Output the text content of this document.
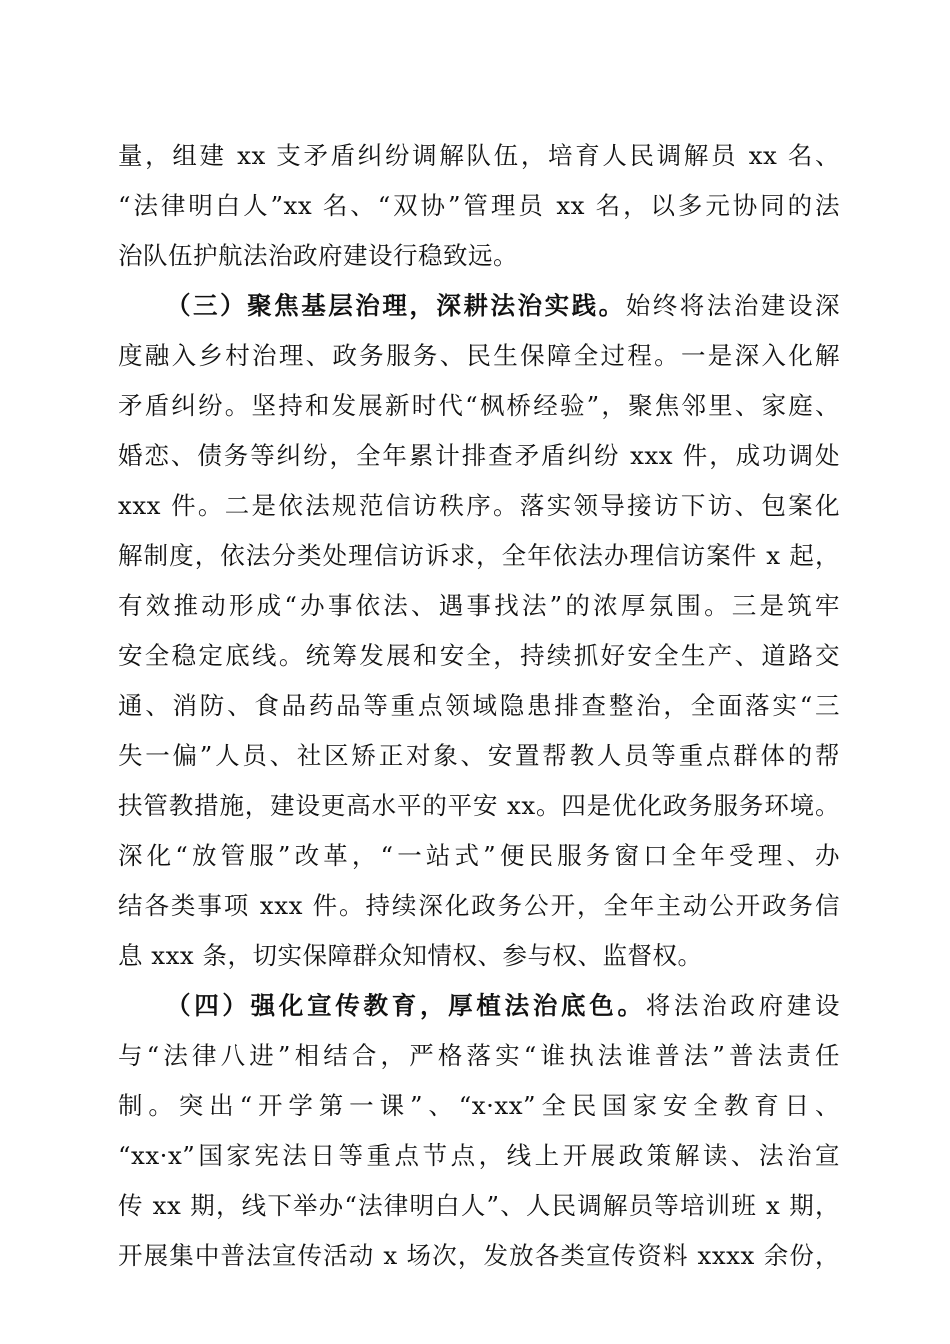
量，组建 xx 支矛盾纠纷调解队伍，培育人民调解员 xx 名、
“法律明白人”xx 名、“双协”管理员 xx 名，以多元协同的法
治队伍护航法治政府建设行稳致远。
（三）聚焦基层治理，深耕法治实践。始终将法治建设深
度融入乡村治理、政务服务、民生保障全过程。一是深入化解
矛盾纠纷。坚持和发展新时代“枫桥经验”，聚焦邻里、家庭、
婚恋、债务等纠纷，全年累计排查矛盾纠纷 xxx 件，成功调处
xxx 件。二是依法规范信访秩序。落实领导接访下访、包案化
解制度，依法分类处理信访诉求，全年依法办理信访案件 x 起，
有效推动形成“办事依法、遇事找法”的浓厚氛围。三是筑牢
安全稳定底线。统筹发展和安全，持续抓好安全生产、道路交
通、消防、食品药品等重点领域隐患排查整治，全面落实“三
失一偏”人员、社区矫正对象、安置帮教人员等重点群体的帮
扶管教措施，建设更高水平的平安 xx。四是优化政务服务环境。
深化“放管服”改革，“一站式”便民服务窗口全年受理、办
结各类事项 xxx 件。持续深化政务公开，全年主动公开政务信
息 xxx 条，切实保障群众知情权、参与权、监督权。
（四）强化宣传教育，厚植法治底色。将法治政府建设
与“法律八进”相结合，严格落实“谁执法谁普法”普法责任
制。突出“开学第一课”、“x·xx”全民国家安全教育日、
“xx·x”国家宪法日等重点节点，线上开展政策解读、法治宣
传 xx 期，线下举办“法律明白人”、人民调解员等培训班 x 期，
开展集中普法宣传活动 x 场次，发放各类宣传资料 xxxx 余份，
